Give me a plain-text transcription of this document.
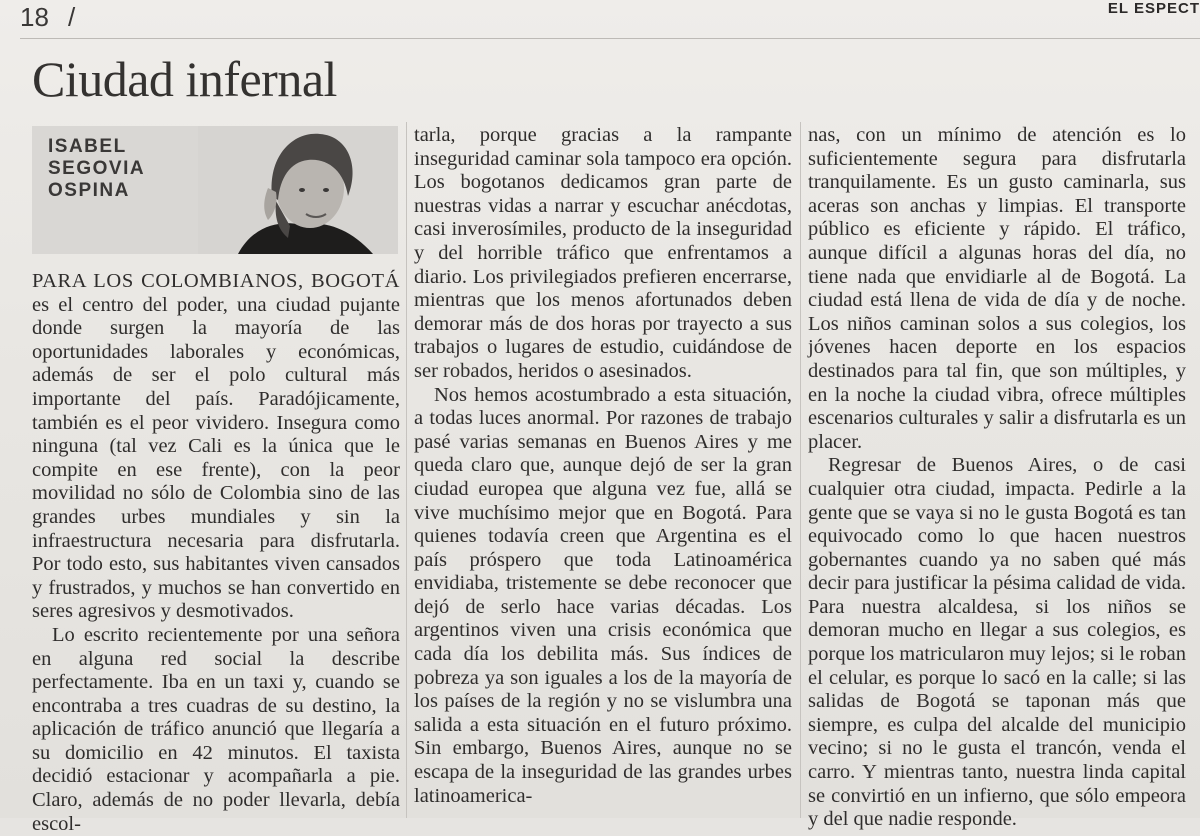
18 /	EL ESPECT
Ciudad infernal
ISABEL
SEGOVIA
OSPINA

PARA LOS COLOMBIANOS, BOGOTÁ es el centro del poder, una ciudad pujante donde surgen la mayoría de las oportunidades laborales y económicas, además de ser el polo cultural más importante del país. Paradójicamente, también es el peor vividero. Insegura como ninguna (tal vez Cali es la única que le compite en ese frente), con la peor movilidad no sólo de Colombia sino de las grandes urbes mundiales y sin la infraestructura necesaria para disfrutarla. Por todo esto, sus habitantes viven cansados y frustrados, y muchos se han convertido en seres agresivos y desmotivados.

Lo escrito recientemente por una señora en alguna red social la describe perfectamente. Iba en un taxi y, cuando se encontraba a tres cuadras de su destino, la aplicación de tráfico anunció que llegaría a su domicilio en 42 minutos. El taxista decidió estacionar y acompañarla a pie. Claro, además de no poder llevarla, debía escol-

tarla, porque gracias a la rampante inseguridad caminar sola tampoco era opción. Los bogotanos dedicamos gran parte de nuestras vidas a narrar y escuchar anécdotas, casi inverosímiles, producto de la inseguridad y del horrible tráfico que enfrentamos a diario. Los privilegiados prefieren encerrarse, mientras que los menos afortunados deben demorar más de dos horas por trayecto a sus trabajos o lugares de estudio, cuidándose de ser robados, heridos o asesinados.

Nos hemos acostumbrado a esta situación, a todas luces anormal. Por razones de trabajo pasé varias semanas en Buenos Aires y me queda claro que, aunque dejó de ser la gran ciudad europea que alguna vez fue, allá se vive muchísimo mejor que en Bogotá. Para quienes todavía creen que Argentina es el país próspero que toda Latinoamérica envidiaba, tristemente se debe reconocer que dejó de serlo hace varias décadas. Los argentinos viven una crisis económica que cada día los debilita más. Sus índices de pobreza ya son iguales a los de la mayoría de los países de la región y no se vislumbra una salida a esta situación en el futuro próximo. Sin embargo, Buenos Aires, aunque no se escapa de la inseguridad de las grandes urbes latinoamerica-

nas, con un mínimo de atención es lo suficientemente segura para disfrutarla tranquilamente. Es un gusto caminarla, sus aceras son anchas y limpias. El transporte público es eficiente y rápido. El tráfico, aunque difícil a algunas horas del día, no tiene nada que envidiarle al de Bogotá. La ciudad está llena de vida de día y de noche. Los niños caminan solos a sus colegios, los jóvenes hacen deporte en los espacios destinados para tal fin, que son múltiples, y en la noche la ciudad vibra, ofrece múltiples escenarios culturales y salir a disfrutarla es un placer.

Regresar de Buenos Aires, o de casi cualquier otra ciudad, impacta. Pedirle a la gente que se vaya si no le gusta Bogotá es tan equivocado como lo que hacen nuestros gobernantes cuando ya no saben qué más decir para justificar la pésima calidad de vida. Para nuestra alcaldesa, si los niños se demoran mucho en llegar a sus colegios, es porque los matricularon muy lejos; si le roban el celular, es porque lo sacó en la calle; si las salidas de Bogotá se taponan más que siempre, es culpa del alcalde del municipio vecino; si no le gusta el trancón, venda el carro. Y mientras tanto, nuestra linda capital se convirtió en un infierno, que sólo empeora y del que nadie responde.
